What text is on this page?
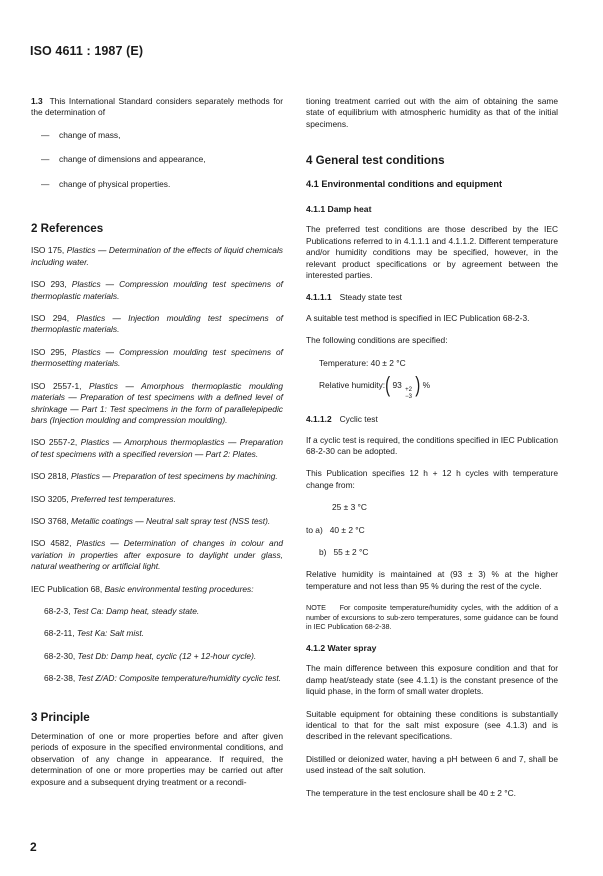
ISO 4611 : 1987 (E)

1.3 This International Standard considers separately methods for the determination of

— change of mass,
— change of dimensions and appearance,
— change of physical properties.

2 References

ISO 175, Plastics — Determination of the effects of liquid chemicals including water.

ISO 293, Plastics — Compression moulding test specimens of thermoplastic materials.

ISO 294, Plastics — Injection moulding test specimens of thermoplastic materials.

ISO 295, Plastics — Compression moulding test specimens of thermosetting materials.

ISO 2557-1, Plastics — Amorphous thermoplastic moulding materials — Preparation of test specimens with a defined level of shrinkage — Part 1: Test specimens in the form of parallelepipedic bars (Injection moulding and compression moulding).

ISO 2557-2, Plastics — Amorphous thermoplastics — Preparation of test specimens with a specified reversion — Part 2: Plates.

ISO 2818, Plastics — Preparation of test specimens by machining.

ISO 3205, Preferred test temperatures.

ISO 3768, Metallic coatings — Neutral salt spray test (NSS test).

ISO 4582, Plastics — Determination of changes in colour and variation in properties after exposure to daylight under glass, natural weathering or artificial light.

IEC Publication 68, Basic environmental testing procedures:

68-2-3, Test Ca: Damp heat, steady state.

68-2-11, Test Ka: Salt mist.

68-2-30, Test Db: Damp heat, cyclic (12 + 12-hour cycle).

68-2-38, Test Z/AD: Composite temperature/humidity cyclic test.

3 Principle

Determination of one or more properties before and after given periods of exposure in the specified environmental conditions, and observation of any change in appearance. If required, the determination of one or more properties may be carried out after exposure and a subsequent drying treatment or a recondi-

tioning treatment carried out with the aim of obtaining the same state of equilibrium with atmospheric humidity as that of the initial specimens.

4 General test conditions

4.1 Environmental conditions and equipment

4.1.1 Damp heat

The preferred test conditions are those described by the IEC Publications referred to in 4.1.1.1 and 4.1.1.2. Different temperature and/or humidity conditions may be specified, however, in the relevant product specifications or by agreement between the interested parties.

4.1.1.1 Steady state test

A suitable test method is specified in IEC Publication 68-2-3.

The following conditions are specified:

Temperature: 40 ± 2 °C

Relative humidity:( 93 +2
−3 ) %

4.1.1.2 Cyclic test

If a cyclic test is required, the conditions specified in IEC Publication 68-2-30 can be adopted.

This Publication specifies 12 h + 12 h cycles with temperature change from:

25 ± 3 °C

to a) 40 ± 2 °C

b) 55 ± 2 °C

Relative humidity is maintained at (93 ± 3) % at the higher temperature and not less than 95 % during the rest of the cycle.

NOTE For composite temperature/humidity cycles, with the addition of a number of excursions to sub-zero temperatures, some guidance can be found in IEC Publication 68-2-38.

4.1.2 Water spray

The main difference between this exposure condition and that for damp heat/steady state (see 4.1.1) is the constant presence of the liquid phase, in the form of small water droplets.

Suitable equipment for obtaining these conditions is substantially identical to that for the salt mist exposure (see 4.1.3) and is described in the relevant specifications.

Distilled or deionized water, having a pH between 6 and 7, shall be used instead of the salt solution.

The temperature in the test enclosure shall be 40 ± 2 °C.

2
